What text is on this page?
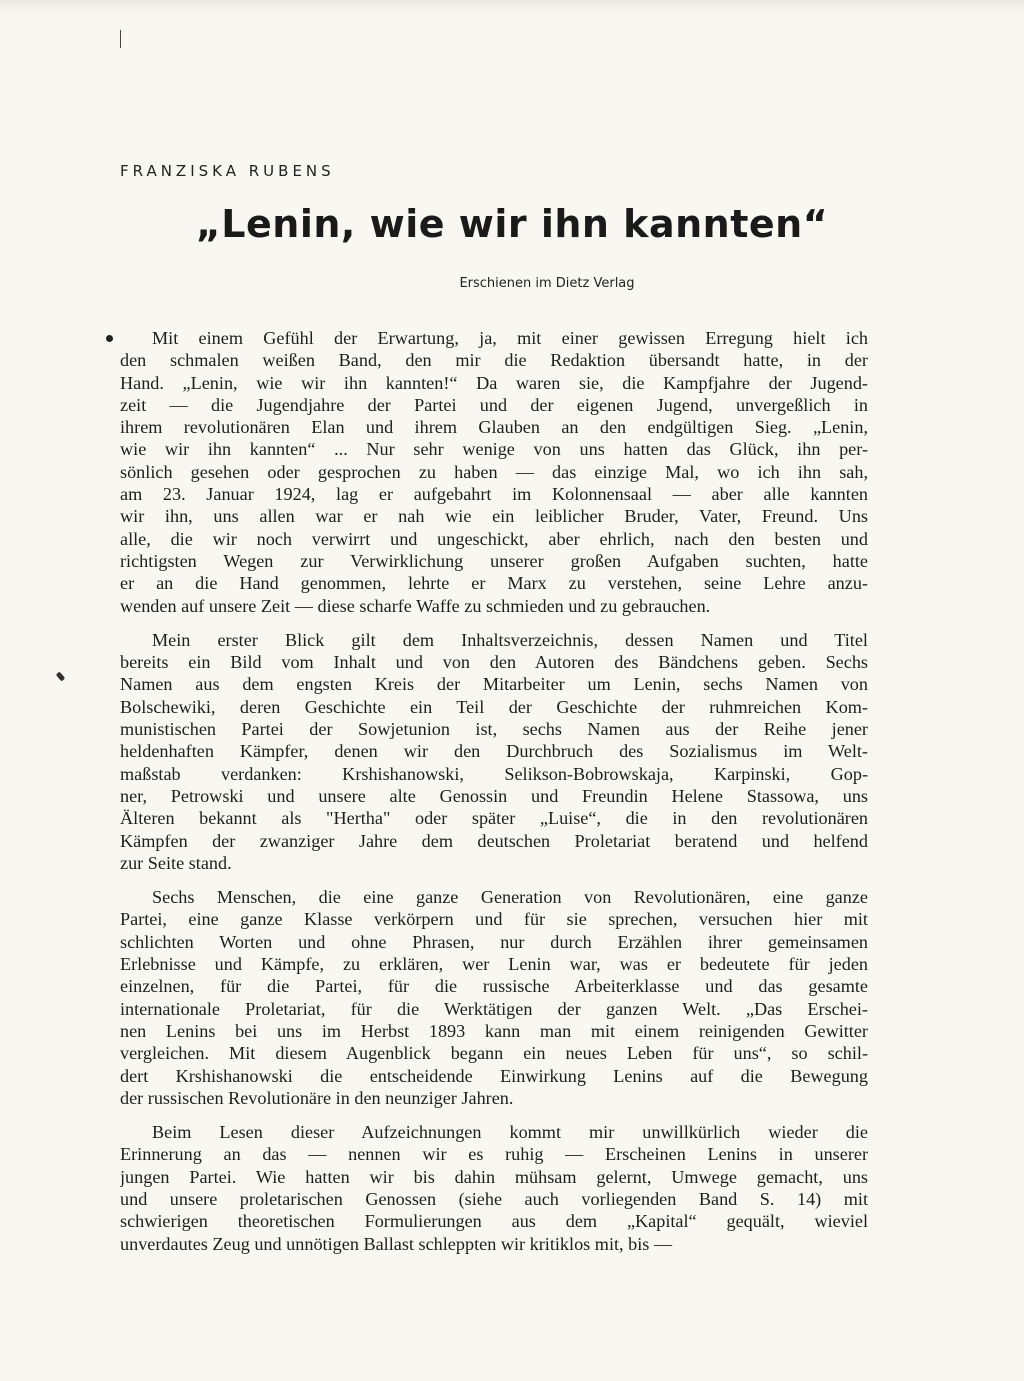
FRANZISKA RUBENS
„Lenin, wie wir ihn kannten“
Erschienen im Dietz Verlag
Mit einem Gefühl der Erwartung, ja, mit einer gewissen Erregung hielt ich
den schmalen weißen Band, den mir die Redaktion übersandt hatte, in der
Hand. „Lenin, wie wir ihn kannten!“ Da waren sie, die Kampfjahre der Jugend-
zeit — die Jugendjahre der Partei und der eigenen Jugend, unvergeßlich in
ihrem revolutionären Elan und ihrem Glauben an den endgültigen Sieg. „Lenin,
wie wir ihn kannten“ ... Nur sehr wenige von uns hatten das Glück, ihn per-
sönlich gesehen oder gesprochen zu haben — das einzige Mal, wo ich ihn sah,
am 23. Januar 1924, lag er aufgebahrt im Kolonnensaal — aber alle kannten
wir ihn, uns allen war er nah wie ein leiblicher Bruder, Vater, Freund. Uns
alle, die wir noch verwirrt und ungeschickt, aber ehrlich, nach den besten und
richtigsten Wegen zur Verwirklichung unserer großen Aufgaben suchten, hatte
er an die Hand genommen, lehrte er Marx zu verstehen, seine Lehre anzu-
wenden auf unsere Zeit — diese scharfe Waffe zu schmieden und zu gebrauchen.
Mein erster Blick gilt dem Inhaltsverzeichnis, dessen Namen und Titel
bereits ein Bild vom Inhalt und von den Autoren des Bändchens geben. Sechs
Namen aus dem engsten Kreis der Mitarbeiter um Lenin, sechs Namen von
Bolschewiki, deren Geschichte ein Teil der Geschichte der ruhmreichen Kom-
munistischen Partei der Sowjetunion ist, sechs Namen aus der Reihe jener
heldenhaften Kämpfer, denen wir den Durchbruch des Sozialismus im Welt-
maßstab verdanken: Krshishanowski, Selikson-Bobrowskaja, Karpinski, Gop-
ner, Petrowski und unsere alte Genossin und Freundin Helene Stassowa, uns
Älteren bekannt als "Hertha" oder später „Luise“, die in den revolutionären
Kämpfen der zwanziger Jahre dem deutschen Proletariat beratend und helfend
zur Seite stand.
Sechs Menschen, die eine ganze Generation von Revolutionären, eine ganze
Partei, eine ganze Klasse verkörpern und für sie sprechen, versuchen hier mit
schlichten Worten und ohne Phrasen, nur durch Erzählen ihrer gemeinsamen
Erlebnisse und Kämpfe, zu erklären, wer Lenin war, was er bedeutete für jeden
einzelnen, für die Partei, für die russische Arbeiterklasse und das gesamte
internationale Proletariat, für die Werktätigen der ganzen Welt. „Das Erschei-
nen Lenins bei uns im Herbst 1893 kann man mit einem reinigenden Gewitter
vergleichen. Mit diesem Augenblick begann ein neues Leben für uns“, so schil-
dert Krshishanowski die entscheidende Einwirkung Lenins auf die Bewegung
der russischen Revolutionäre in den neunziger Jahren.
Beim Lesen dieser Aufzeichnungen kommt mir unwillkürlich wieder die
Erinnerung an das — nennen wir es ruhig — Erscheinen Lenins in unserer
jungen Partei. Wie hatten wir bis dahin mühsam gelernt, Umwege gemacht, uns
und unsere proletarischen Genossen (siehe auch vorliegenden Band S. 14) mit
schwierigen theoretischen Formulierungen aus dem „Kapital“ gequält, wieviel
unverdautes Zeug und unnötigen Ballast schleppten wir kritiklos mit, bis —
